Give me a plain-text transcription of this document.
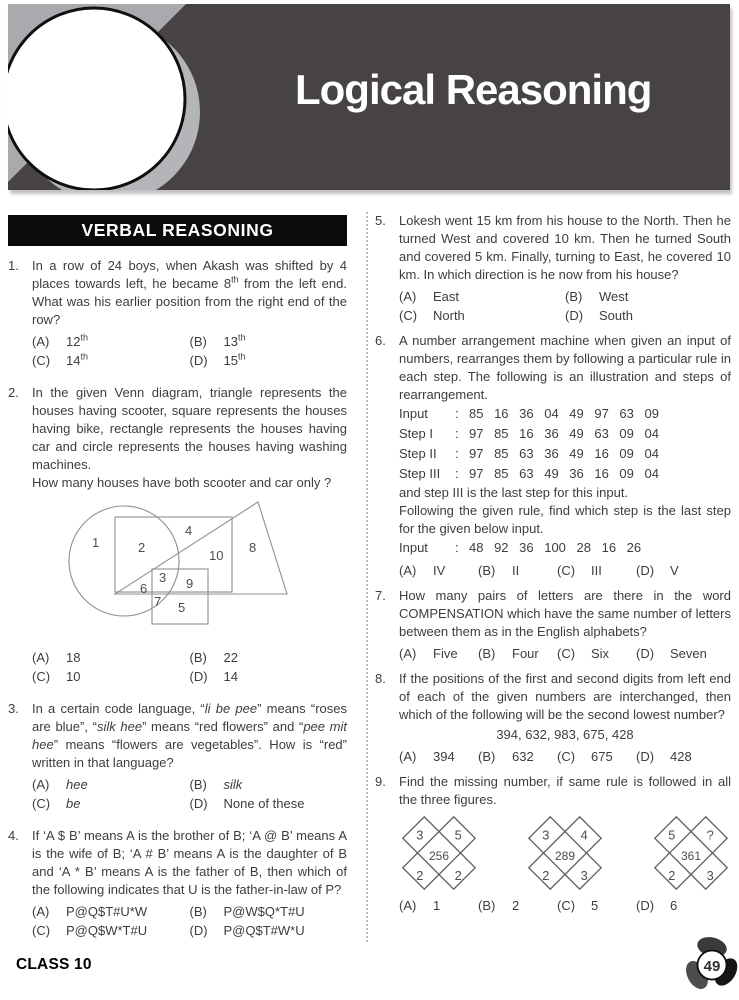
Logical Reasoning
VERBAL REASONING
1.	In a row of 24 boys, when Akash was shifted by 4 places towards left, he became 8th from the left end. What was his earlier position from the right end of the row?
(A)	12th	(B)	13th
(C)	14th	(D)	15th
2.	In the given Venn diagram, triangle represents the houses having scooter, square represents the houses having bike, rectangle represents the houses having car and circle represents the houses having washing machines.
How many houses have both scooter and car only ?
1	2
4
10
8
3
6	9
7 5
(A)	18	(B)	22
(C)	10	(D)	14
3.	In a certain code language, “li be pee” means “roses are blue”, “silk hee” means “red flowers” and “pee mit hee” means “flowers are vegetables”. How is “red” written in that language?
(A)	hee	(B)	silk
(C)	be	(D)	None of these
4.	If ‘A $ B’ means A is the brother of B; ‘A @ B’ means A is the wife of B; ‘A # B’ means A is the daughter of B and ‘A * B’ means A is the father of B, then which of the following indicates that U is the father-in-law of P?
(A)	P@Q$T#U*W	(B)	P@W$Q*T#U
(C)	P@Q$W*T#U	(D)	P@Q$T#W*U
5.	Lokesh went 15 km from his house to the North. Then he turned West and covered 10 km. Then he turned South and covered 5 km. Finally, turning to East, he covered 10 km. In which direction is he now from his house?
(A)	East	(B)	West
(C)	North	(D)	South
6.	A number arrangement machine when given an input of numbers, rearranges them by following a particular rule in each step. The following is an illustration and steps of rearrangement.
Input	: 85 16 36 04 49 97 63 09
Step I	: 97 85 16 36 49 63 09 04
Step II	: 97 85 63 36 49 16 09 04
Step III	: 97 85 63 49 36 16 09 04
and step III is the last step for this input.
Following the given rule, find which step is the last step for the given below input.
Input	: 48 92 36 100 28 16 26
(A)	IV	(B)	II	(C)	III	(D)	V
7.	How many pairs of letters are there in the word COMPENSATION which have the same number of letters between them as in the English alphabets?
(A)	Five (B)	Four (C)	Six (D)	Seven
8.	If the positions of the first and second digits from left end of each of the given numbers are interchanged, then which of the following will be the second lowest number?
394, 632, 983, 675, 428
(A)	394 (B)	632 (C)	675 (D)	428
9.	Find the missing number, if same rule is followed in all the three figures.
3 5
256
2 2
3 4
289
2 3
5 ?
361
2 3
(A)	1	(B)	2	(C)	5	(D)	6
CLASS 10	49
